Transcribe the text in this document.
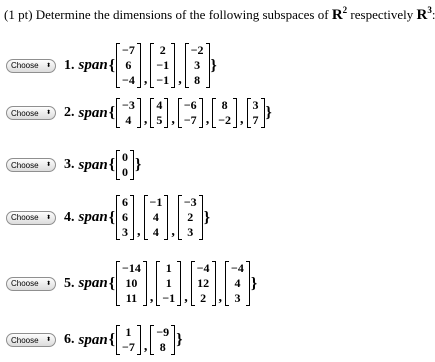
(1 pt) Determine the dimensions of the following subspaces of $R^2$ respectively $R^3$
Choose ⬍ 1. span {
−7
6
−4 ,
2
−1
−1 ,
−2
3
8
}
Choose ⬍ 2. span { −3
4 ,
4
5 ,
−6
−7 ,
8
−2 ,
3
7 }
Choose ⬍ 3. span { 0
0 }
Choose ⬍ 4. span {
6
6
3 ,
−1
4
4 ,
−3
2
3
}
Choose ⬍ 5. span {
−14
10
11 ,
1
1
−1 ,
−4
12
2 ,
−4
4
3
}
Choose ⬍ 6. span { 1
−7 ,
−9
8 }
